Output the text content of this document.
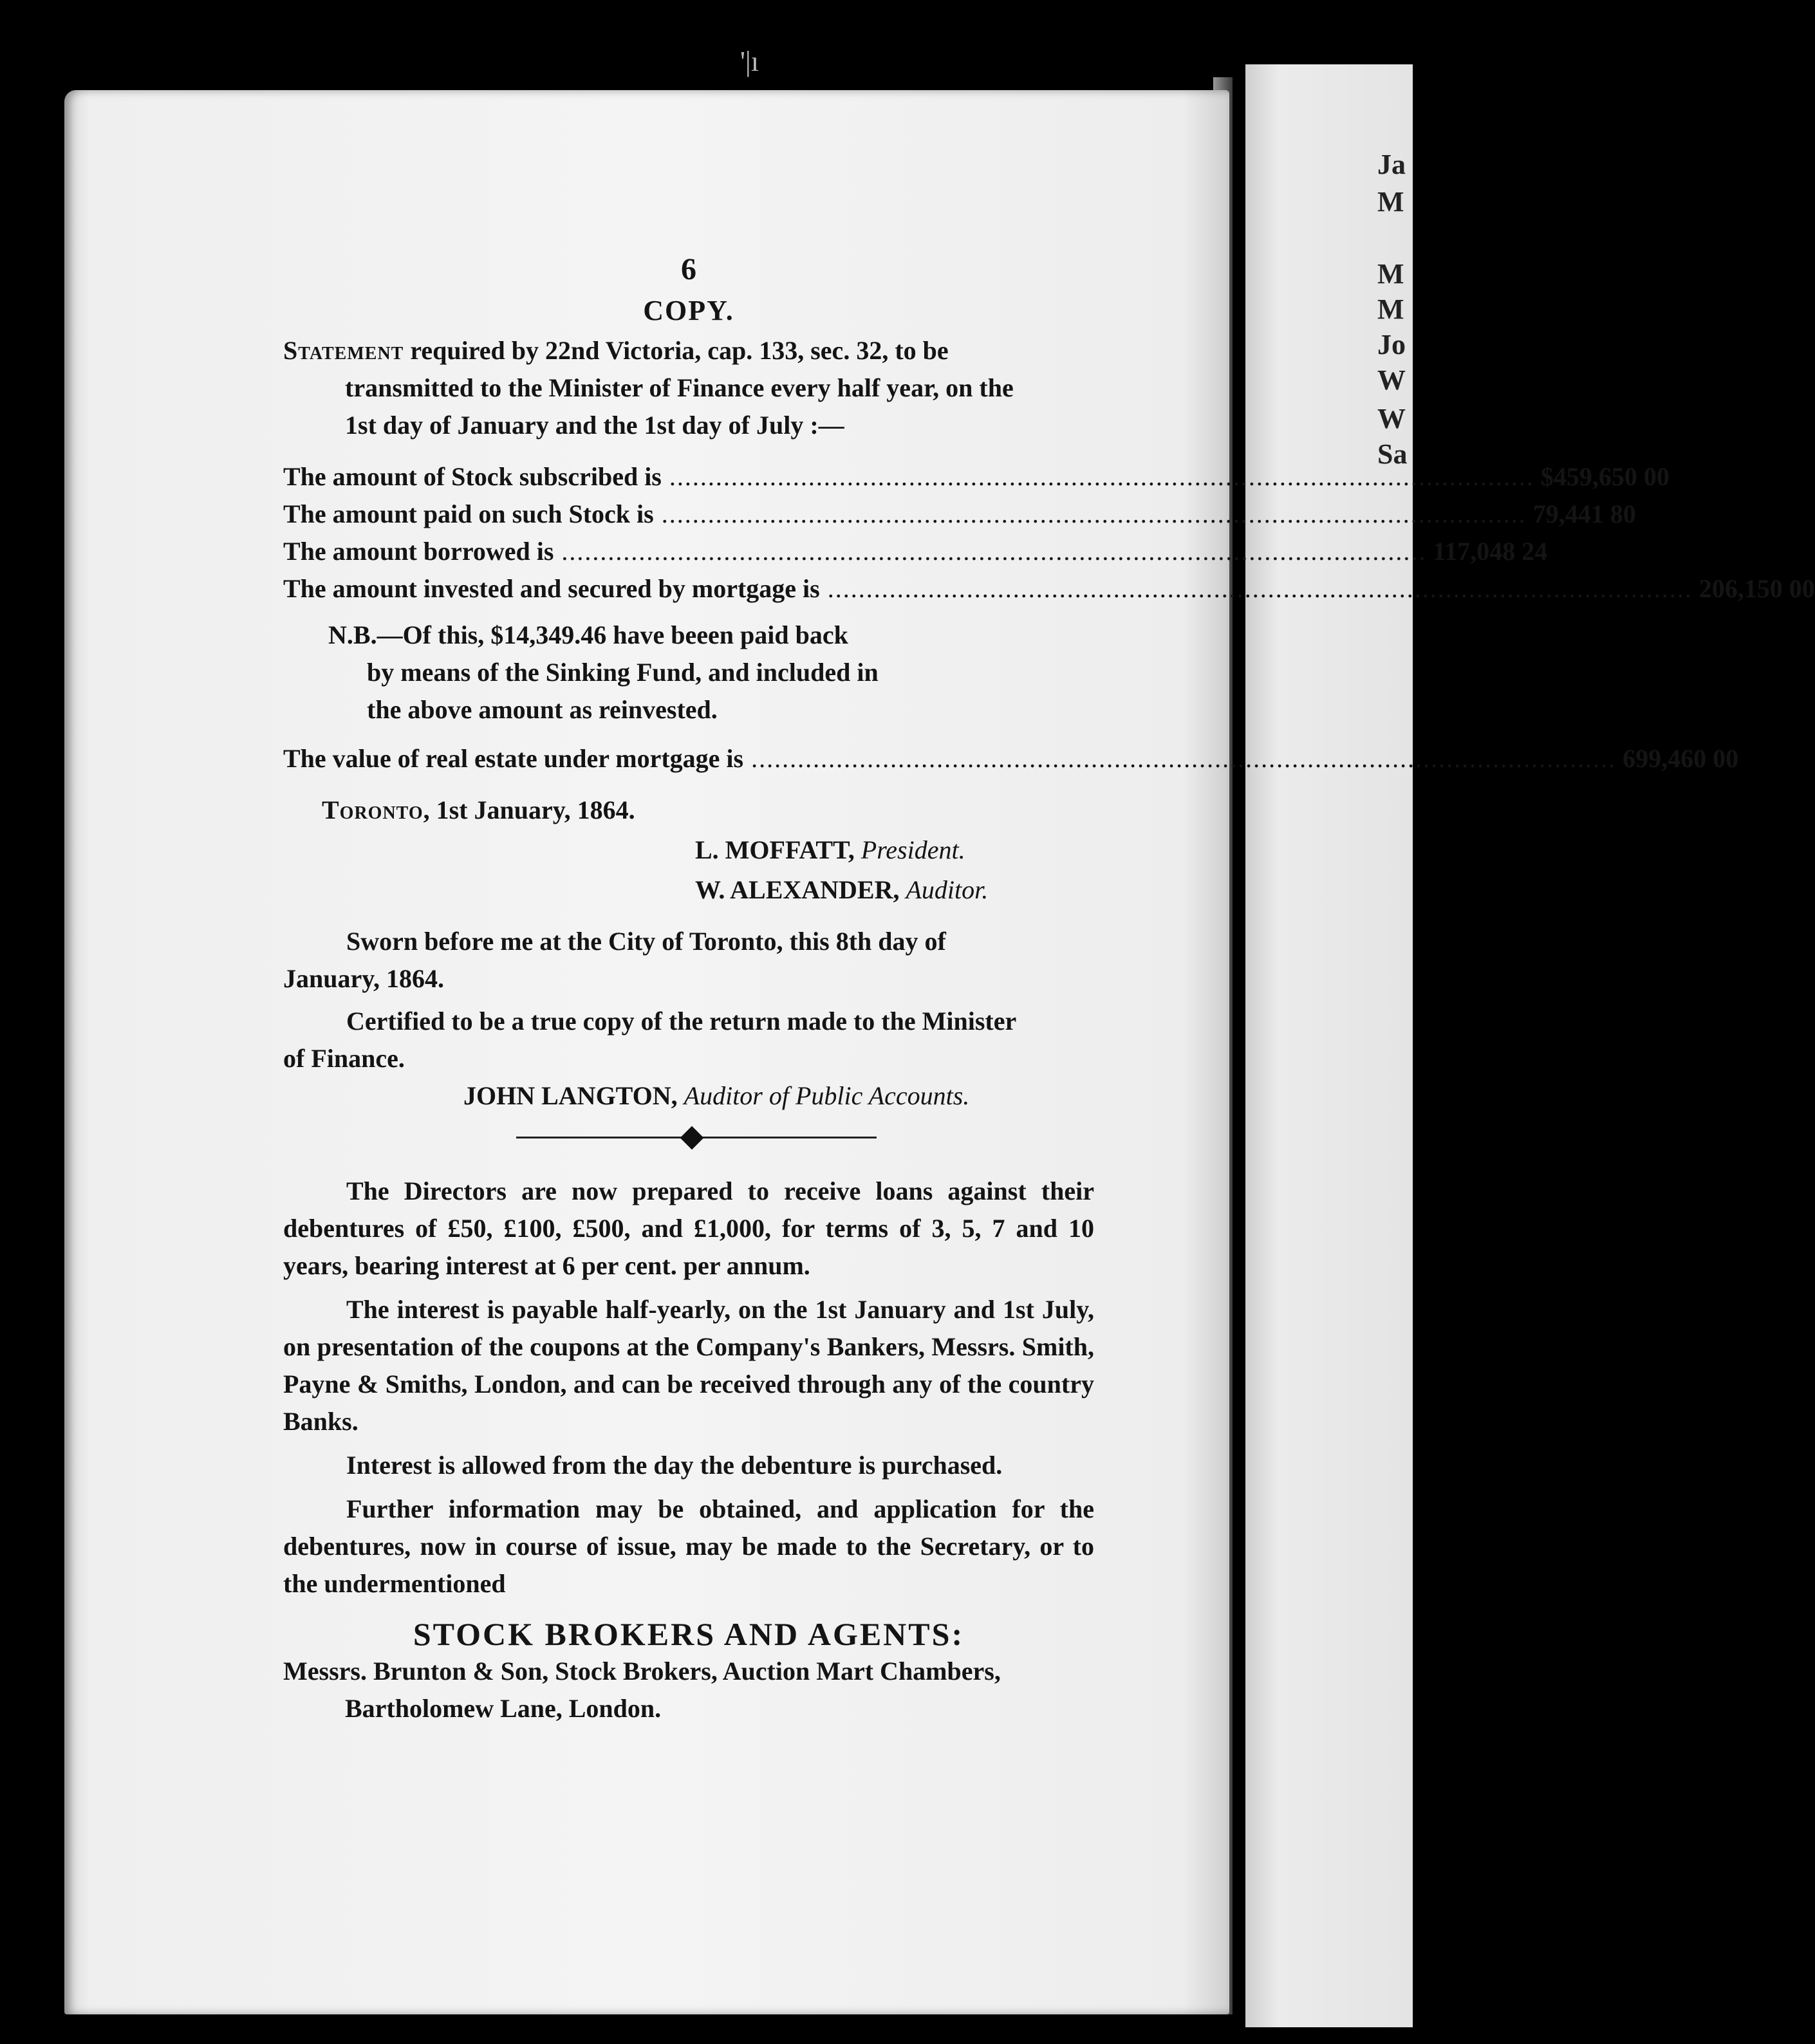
'|ı
Ja
M
M
M
Jo
W
W
Sa
6
COPY.
Statement required by 22nd Victoria, cap. 133, sec. 32, to be
transmitted to the Minister of Finance every half year, on the
1st day of January and the 1st day of July :—
The amount of Stock subscribed is .....	$459,650 00
The amount paid on such Stock is .....	79,441 80
The amount borrowed is .....	117,048 24
The amount invested and secured by mortgage is .....	206,150 00
N.B.—Of this, $14,349.46 have beeen paid back
by means of the Sinking Fund, and included in
the above amount as reinvested.
The value of real estate under mortgage is .....	699,460 00
Toronto, 1st January, 1864.
L. MOFFATT, President.
W. ALEXANDER, Auditor.
Sworn before me at the City of Toronto, this 8th day of
January, 1864.
Certified to be a true copy of the return made to the Minister
of Finance.
JOHN LANGTON, Auditor of Public Accounts.
The Directors are now prepared to receive loans against their debentures of £50, £100, £500, and £1,000, for terms of 3, 5, 7 and 10 years, bearing interest at 6 per cent. per annum.
The interest is payable half-yearly, on the 1st January and 1st July, on presentation of the coupons at the Company's Bankers, Messrs. Smith, Payne & Smiths, London, and can be received through any of the country Banks.
Interest is allowed from the day the debenture is purchased.
Further information may be obtained, and application for the debentures, now in course of issue, may be made to the Secretary, or to the undermentioned
STOCK BROKERS AND AGENTS:
Messrs. Brunton & Son, Stock Brokers, Auction Mart Chambers,
Bartholomew Lane, London.
